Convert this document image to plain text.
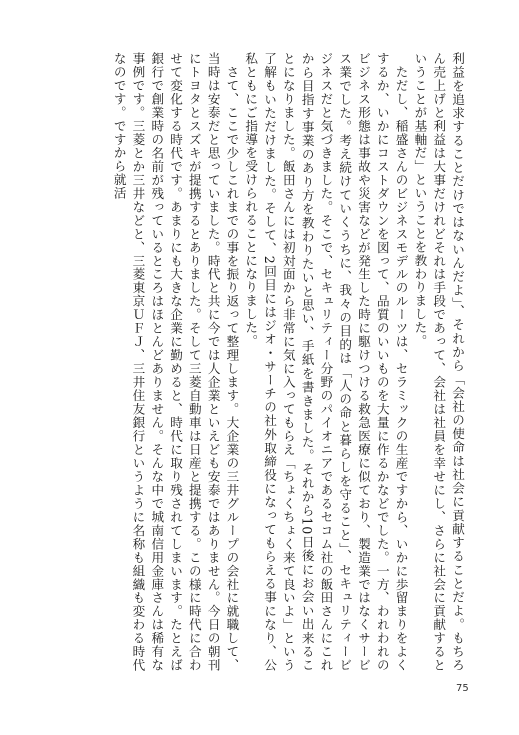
利益を追求することだけではないんだよ」、それから「会社の使命は社会に貢献することだよ。もちろん売上げと利益は大事だけれどそれは手段であって、会社は社員を幸せにし、さらに社会に貢献するということが基軸だ」ということを教わりました。

　ただし、稲盛さんのビジネスモデルのルーツは、セラミックの生産ですから、いかに歩留まりをよくするか、いかにコストダウンを図って、品質のいいものを大量に作るかなどでした。一方、われわれのビジネス形態は事故や災害などが発生した時に駆けつける救急医療に似ており、製造業ではなくサービス業でした。考え続けていくうちに、我々の目的は「人の命と暮らしを守ること」、セキュリティービジネスだと気づきました。そこで、セキュリティー分野のパイオニアであるセコム社の飯田さんにこれから目指す事業のあり方を教わりたいと思い、手紙を書きました。それから10日後にお会い出来ることになりました。飯田さんには初対面から非常に気に入ってもらえ「ちょくちょく来て良いよ」という了解もいただけました。そして、2回目にはジオ・サーチの社外取締役になってもらえる事になり、公私ともにご指導を受けられることになりました。

　さて、ここで少しこれまでの事を振り返って整理します。大企業の三井グループの会社に就職して、当時は安泰だと思っていました。時代と共に今では人企業といえども安泰ではありません。今日の朝刊にトヨタとスズキが提携するとありました。そして三菱自動車は日産と提携する。この様に時代に合わせて変化する時代です。あまりにも大きな企業に勤めると、時代に取り残されてしまいます。たとえば銀行で創業時の名前が残っているところはほとんどありません。そんな中で城南信用金庫さんは稀有な事例です。三菱とか三井などと、三菱東京ＵＦＪ、三井住友銀行というように名称も組織も変わる時代なのです。ですから就活

75
